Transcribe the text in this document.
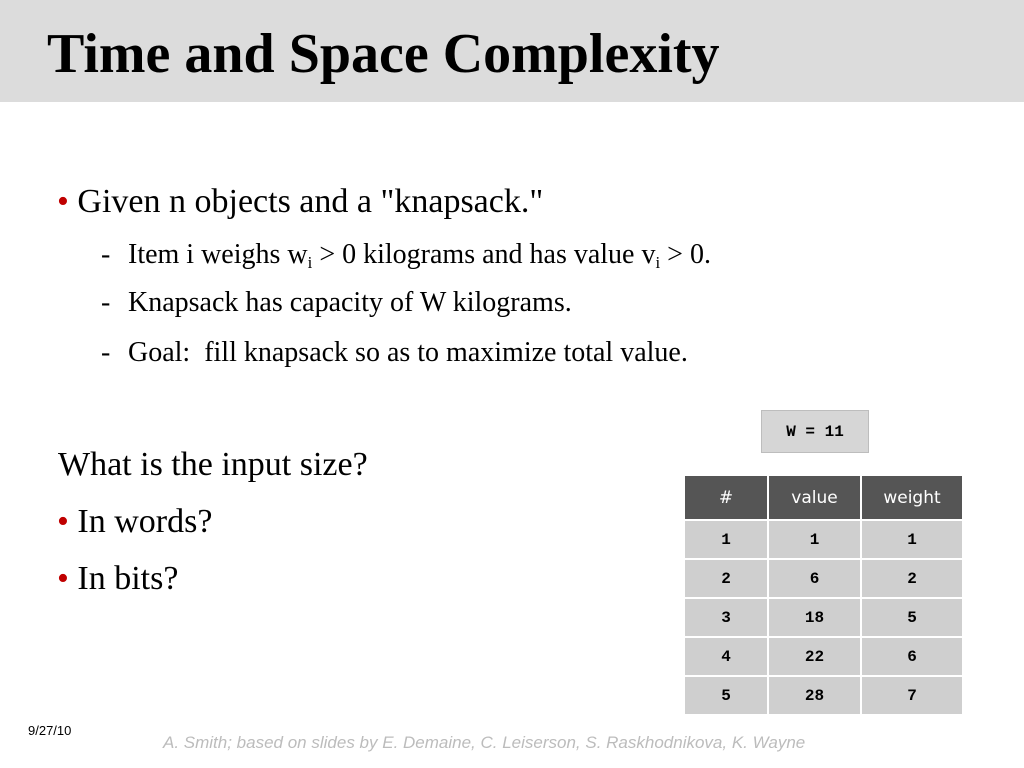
Time and Space Complexity
• Given n objects and a "knapsack."
- Item i weighs $w_i > 0$ kilograms and has value $v_i > 0$.
- Knapsack has capacity of W kilograms.
- Goal:  fill knapsack so as to maximize total value.
What is the input size?
• In words?
• In bits?
W = 11
#	value	weight
1	1	1
2	6	2
3	18	5
4	22	6
5	28	7
9/27/10
A. Smith; based on slides by E. Demaine, C. Leiserson, S. Raskhodnikova, K. Wayne
